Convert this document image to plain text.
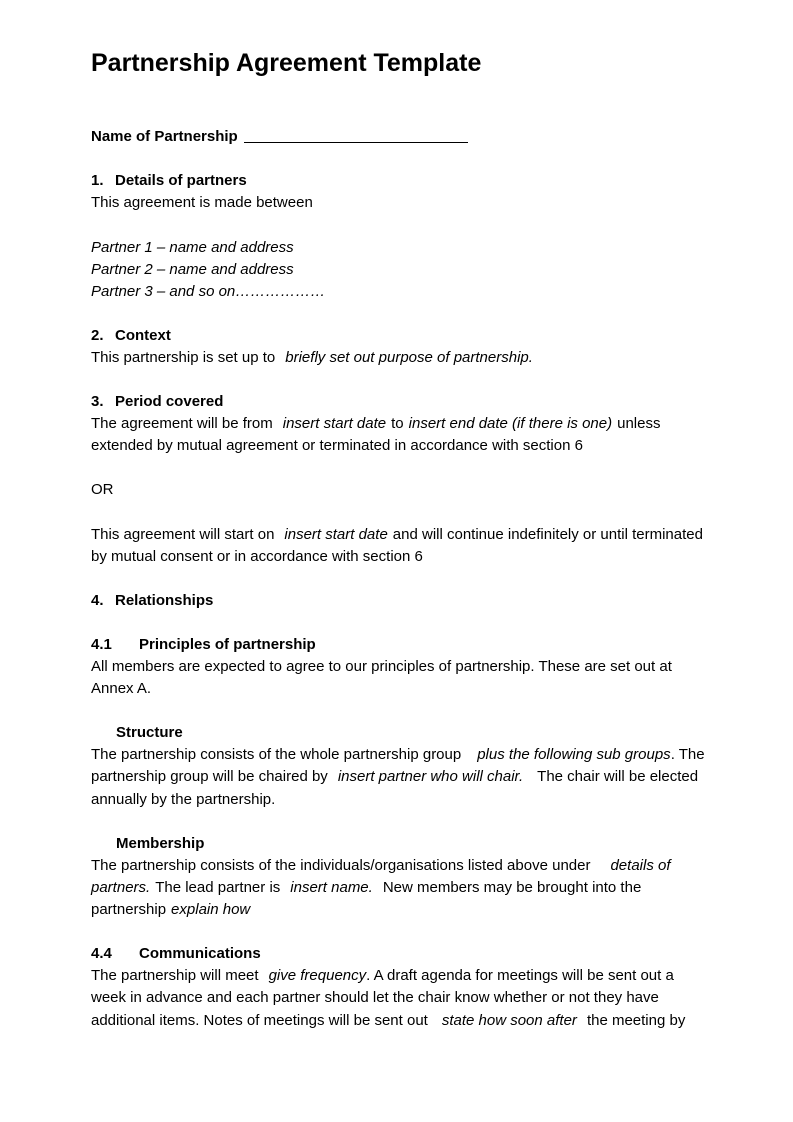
Partnership Agreement Template
Name of Partnership
1. Details of partners
This agreement is made between
Partner 1 – name and address
Partner 2 – name and address
Partner 3 – and so on………………
2. Context
This partnership is set up to briefly set out purpose of partnership.
3. Period covered
The agreement will be from insert start date to insert end date (if there is one) unless
extended by mutual agreement or terminated in accordance with section 6
OR
This agreement will start on insert start date and will continue indefinitely or until terminated
by mutual consent or in accordance with section 6
4. Relationships
4.1 Principles of partnership
All members are expected to agree to our principles of partnership. These are set out at
Annex A.
Structure
The partnership consists of the whole partnership group plus the following sub groups. The
partnership group will be chaired by insert partner who will chair. The chair will be elected
annually by the partnership.
Membership
The partnership consists of the individuals/organisations listed above under details of
partners. The lead partner is insert name. New members may be brought into the
partnership explain how
4.4 Communications
The partnership will meet give frequency. A draft agenda for meetings will be sent out a
week in advance and each partner should let the chair know whether or not they have
additional items. Notes of meetings will be sent out state how soon after the meeting by
